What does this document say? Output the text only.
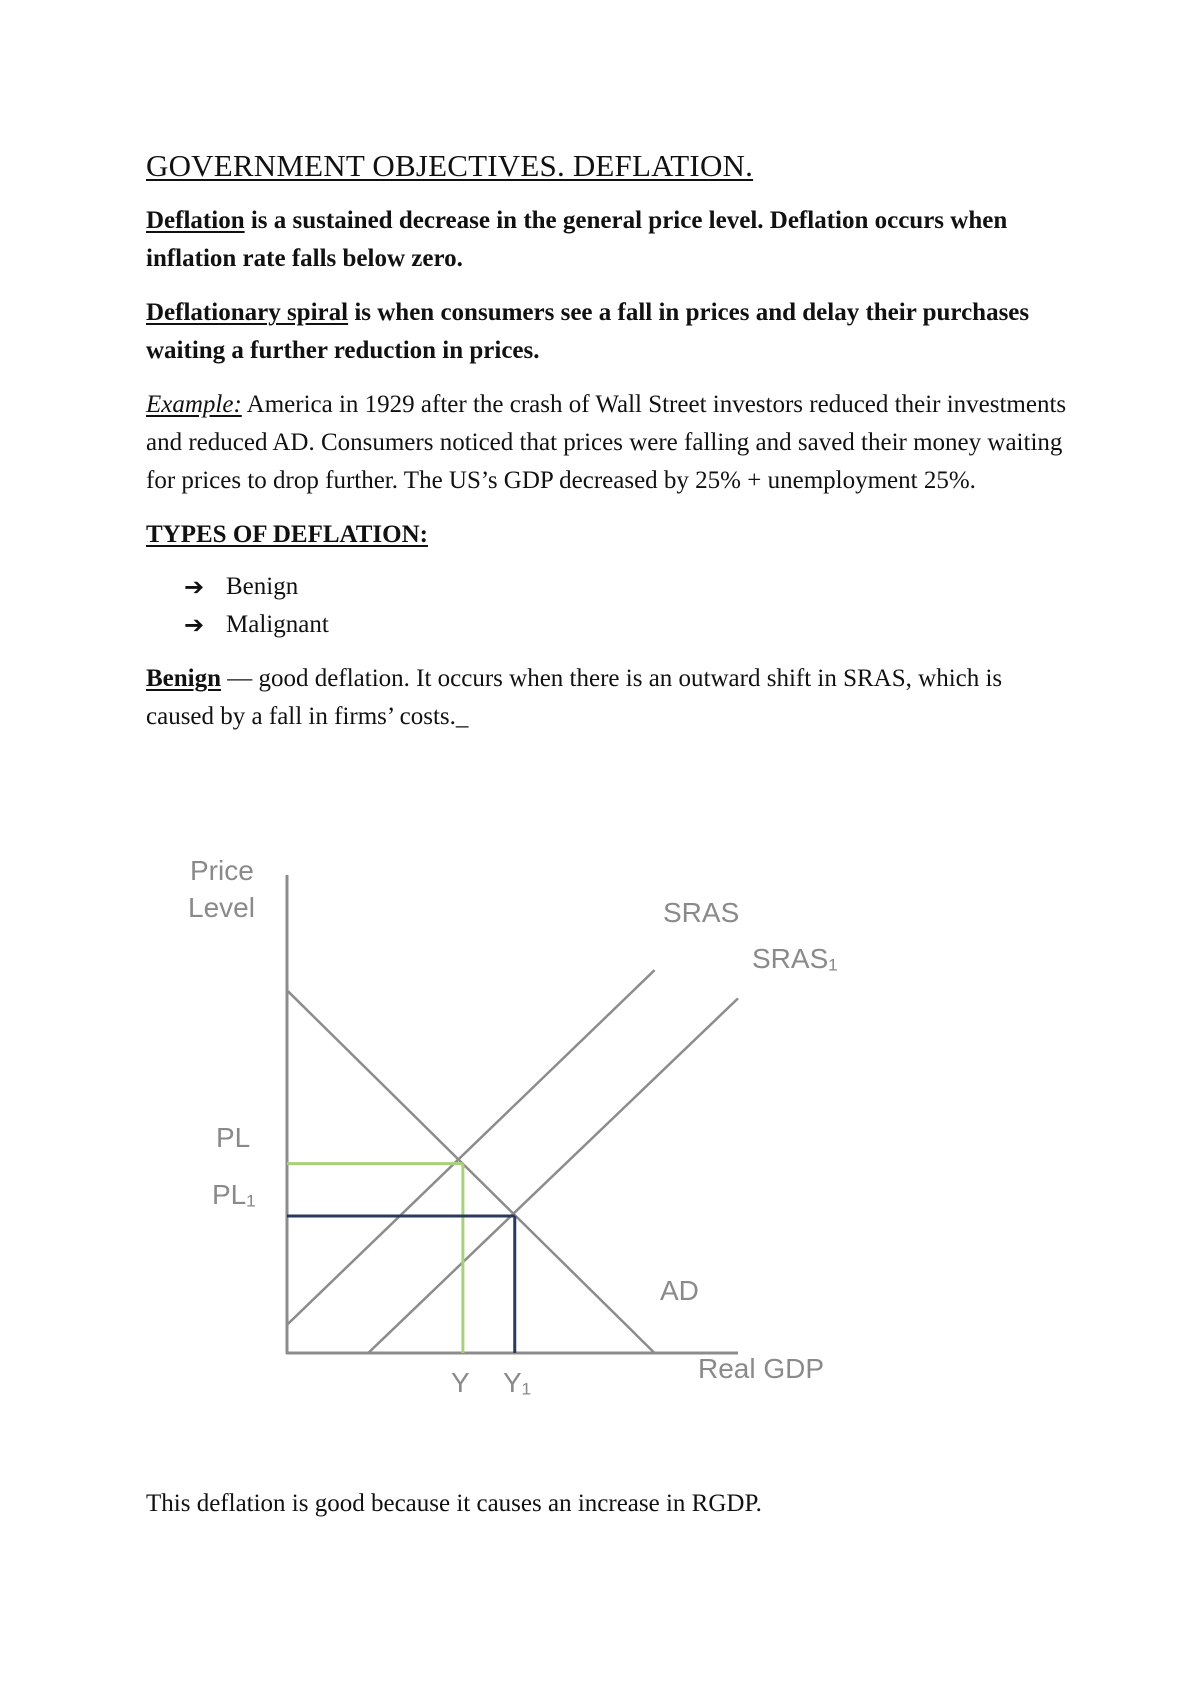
GOVERNMENT OBJECTIVES. DEFLATION.

Deflation is a sustained decrease in the general price level. Deflation occurs when inflation rate falls below zero.

Deflationary spiral is when consumers see a fall in prices and delay their purchases waiting a further reduction in prices.

Example: America in 1929 after the crash of Wall Street investors reduced their investments and reduced AD. Consumers noticed that prices were falling and saved their money waiting for prices to drop further. The US’s GDP decreased by 25% + unemployment 25%.

TYPES OF DEFLATION:

➔ Benign
➔ Malignant

Benign — good deflation. It occurs when there is an outward shift in SRAS, which is caused by a fall in firms’ costs._

Price
Level	SRAS
SRAS₁
AD
Real GDP
PL
PL₁
Y Y₁

This deflation is good because it causes an increase in RGDP.
